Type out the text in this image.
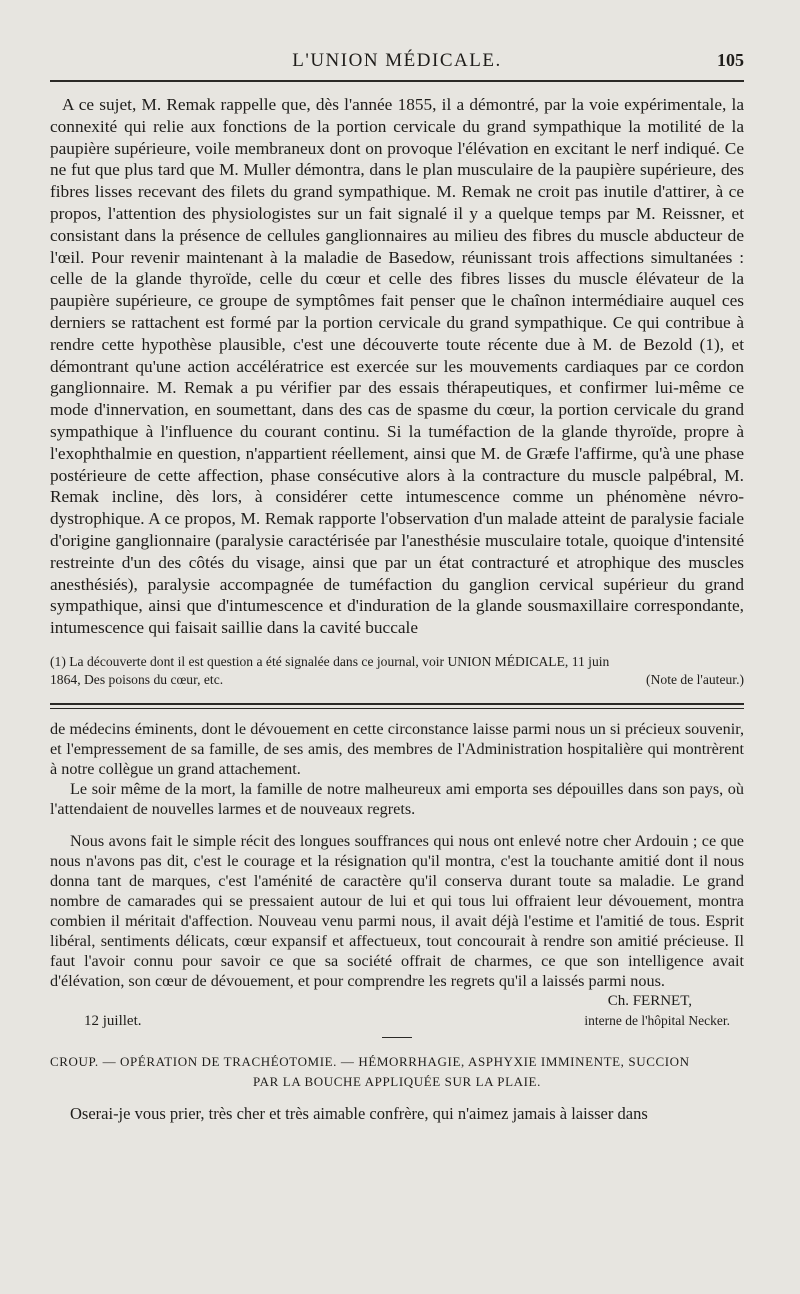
L'UNION MÉDICALE.	105

A ce sujet, M. Remak rappelle que, dès l'année 1855, il a démontré, par la voie expérimentale, la connexité qui relie aux fonctions de la portion cervicale du grand sympathique la motilité de la paupière supérieure, voile membraneux dont on provoque l'élévation en excitant le nerf indiqué. Ce ne fut que plus tard que M. Muller démontra, dans le plan musculaire de la paupière supérieure, des fibres lisses recevant des filets du grand sympathique. M. Remak ne croit pas inutile d'attirer, à ce propos, l'attention des physiologistes sur un fait signalé il y a quelque temps par M. Reissner, et consistant dans la présence de cellules ganglionnaires au milieu des fibres du muscle abducteur de l'œil. Pour revenir maintenant à la maladie de Basedow, réunissant trois affections simultanées : celle de la glande thyroïde, celle du cœur et celle des fibres lisses du muscle élévateur de la paupière supérieure, ce groupe de symptômes fait penser que le chaînon intermédiaire auquel ces derniers se rattachent est formé par la portion cervicale du grand sympathique. Ce qui contribue à rendre cette hypothèse plausible, c'est une découverte toute récente due à M. de Bezold (1), et démontrant qu'une action accélératrice est exercée sur les mouvements cardiaques par ce cordon ganglionnaire. M. Remak a pu vérifier par des essais thérapeutiques, et confirmer lui-même ce mode d'innervation, en soumettant, dans des cas de spasme du cœur, la portion cervicale du grand sympathique à l'influence du courant continu. Si la tuméfaction de la glande thyroïde, propre à l'exophthalmie en question, n'appartient réellement, ainsi que M. de Græfe l'affirme, qu'à une phase postérieure de cette affection, phase consécutive alors à la contracture du muscle palpébral, M. Remak incline, dès lors, à considérer cette intumescence comme un phénomène névro-dystrophique. A ce propos, M. Remak rapporte l'observation d'un malade atteint de paralysie faciale d'origine ganglionnaire (paralysie caractérisée par l'anesthésie musculaire totale, quoique d'intensité restreinte d'un des côtés du visage, ainsi que par un état contracturé et atrophique des muscles anesthésiés), paralysie accompagnée de tuméfaction du ganglion cervical supérieur du grand sympathique, ainsi que d'intumescence et d'induration de la glande sousmaxillaire correspondante, intumescence qui faisait saillie dans la cavité buccale

(1) La découverte dont il est question a été signalée dans ce journal, voir UNION MÉDICALE, 11 juin
1864, Des poisons du cœur, etc.	(Note de l'auteur.)

de médecins éminents, dont le dévouement en cette circonstance laisse parmi nous un si précieux souvenir, et l'empressement de sa famille, de ses amis, des membres de l'Administration hospitalière qui montrèrent à notre collègue un grand attachement.

Le soir même de la mort, la famille de notre malheureux ami emporta ses dépouilles dans son pays, où l'attendaient de nouvelles larmes et de nouveaux regrets.

Nous avons fait le simple récit des longues souffrances qui nous ont enlevé notre cher Ardouin ; ce que nous n'avons pas dit, c'est le courage et la résignation qu'il montra, c'est la touchante amitié dont il nous donna tant de marques, c'est l'aménité de caractère qu'il conserva durant toute sa maladie. Le grand nombre de camarades qui se pressaient autour de lui et qui tous lui offraient leur dévouement, montra combien il méritait d'affection. Nouveau venu parmi nous, il avait déjà l'estime et l'amitié de tous. Esprit libéral, sentiments délicats, cœur expansif et affectueux, tout concourait à rendre son amitié précieuse. Il faut l'avoir connu pour savoir ce que sa société offrait de charmes, ce que son intelligence avait d'élévation, son cœur de dévouement, et pour comprendre les regrets qu'il a laissés parmi nous.

Ch. FERNET,
12 juillet.	interne de l'hôpital Necker.
CROUP. — OPÉRATION DE TRACHÉOTOMIE. — HÉMORRHAGIE, ASPHYXIE IMMINENTE, SUCCION
PAR LA BOUCHE APPLIQUÉE SUR LA PLAIE.
Oserai-je vous prier, très cher et très aimable confrère, qui n'aimez jamais à laisser dans
